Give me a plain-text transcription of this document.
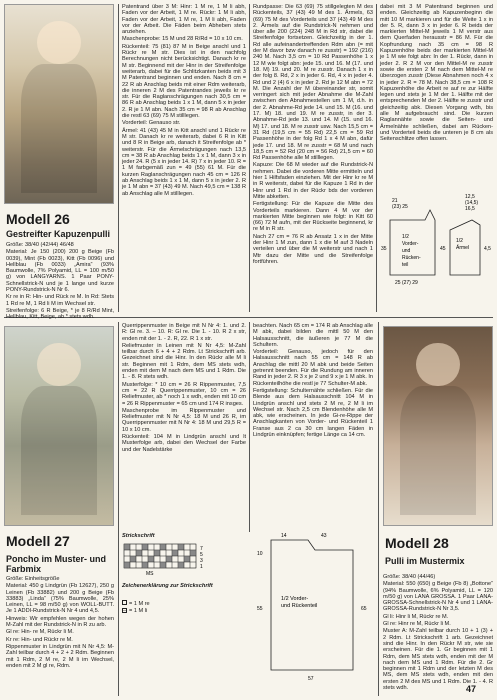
Modell 26
Gestreifter Kapuzenpulli
Modell 27
Poncho im Muster- und Farbmix
Modell 28
Pulli im Mustermix

Größe: 38/40 (42/44) 46/48

Material: Je 150 (200) 200 g Beige (Fb 0039), Mint (Fb 0023), Kitt (Fb 0096) und Hellblau (Fb 0033) „Amira“ (93% Baumwolle, 7% Polyamid, LL = 100 m/50 g) von LANGYARNS. 1 Paar PONY-Schnellstrick-N und je 1 lange und kurze PONY-Rundstrick-N Nr 6.

Kr re in R: Hin- und Rück re M. In Rd: Stets 1 Rd re M, 1 Rd li M im Wechsel str.

Streifenfolge: 6 R Beige, * je 8 R/Rd Mint, Hellblau, Kitt, Beige, ab * stets wdh.

Patentrand über 3 M: Hinr: 1 M re, 1 M li abh, Faden vor der Arbeit, 1 M re. Rückr: 1 M li abh, Faden vor der Arbeit, 1 M re, 1 M li abh, Faden vor der Arbeit. Die Fäden beim Abheben stets anziehen.

Maschenprobe: 15 M und 28 R/Rd = 10 x 10 cm.

Rückenteil: 75 (81) 87 M in Beige anschl und 1 Rückr re M str. Dies ist in den nachfolg Berechnungen nicht berücksichtigt. Danach kr re M str. Beginnend mit der Hinr in der Streifenfolge weiterarb, dabei für die Schlitzkanten beids mit 3 M Patentrand beginnen und enden. Nach 8 cm = 22 R ab Anschlag beids mit einer Rdm weiterarb, die inneren 2 M des Patentrandes jeweils kr re str. Für die Raglanschrägungen nach 30,5 cm = 86 R ab Anschlag beids 1 x 1 M, dann 5 x in jeder 2. R je 1 M abn. Nach 35 cm = 98 R ab Anschlag die restl 63 (69) 75 M stilllegen.

Vorderteil: Genauso str.

Ärmel: 41 (43) 45 M in Kitt anschl und 1 Rückr re M str. Danach kr re weiterarb, dabei 6 R in Kitt und 8 R in Beige arb, danach it Streifenfolge ab * weiterstr. Für die Ärmelschrägungen nach 13,5 cm = 38 R ab Anschlag beids 1 x 1 M, dann 3 x in jeder 24. R (5 x in jeder 14. R) 7 x in jeder 10. R = 1 M farbgemäß zun = 49 (55) 61 M. Für die kurzen Raglanschrägungen nach 45 cm = 126 R ab Anschlag beids 1 x 1 M, dann 5 x in jeder 2. R je 1 M abn = 37 (43) 49 M. Nach 49,5 cm = 138 R ab Anschlag alle M stilllegen.

Rundpasse: Die 63 (69) 75 stillgelegten M des Rückenteils, 37 (43) 49 M des 1. Ärmels, 63 (69) 75 M des Vorderteils und 37 (43) 49 M des 2. Ärmels auf die Rundstrick-N nehmen und über alle 200 (224) 248 M in Rd str, dabei die Streifenfolge fortsetzen. Gleichzeitig in der 1. Rd alle aufeinandertreffenden Rdm abn (= mit der M davor bzw danach re zusstr) = 192 (216) 240 M. Nach 3,5 cm = 10 Rd Passenhöhe 1 x 12 M wie folgt abn: jede 15. und 16. M (17. und 18. M) 19. und 20. M re zusstr. Danach 1 x in der folg 8. Rd, 2 x in jeder 6. Rd, 4 x in jeder 4. Rd und 2 (4) 6 x in jeder 2. Rd je 12 M abn = 72 M. Die Anzahl der M übereinander str, somit verringert sich mit jeder Abnahme die M-Zahl zwischen den Abnahmestellen um 1 M, d.h. in der 2. Abnahme-Rd jede 14. und 15. M (16. und 17. M) 18. und 19. M re zusstr, in der 3. Abnahme-Rd jede 13. und 14. M (15. und 16. M) 17. und 18. M re zusstr usw. Nach 15,5 cm = 31 Rd (19,5 cm = 55 Rd) 22,5 cm = 59 Rd Passenhöhe in der folg Rd 1 x 4 M abn, dafür jede 17. und 18. M re zusstr = 68 M und nach 18,5 cm = 52 Rd (20 cm = 56 Rd) 21,5 cm = 60 Rd Passenhöhe alle M stilllegen.

Kapuze: Die 68 M wieder auf die Rundstrick-N nehmen. Dabei die vorderen Mitte ermitteln und hier 1 Hilfsfaden einziehen. Mit der Hinr kr re M in R weiterstr, dabei für die Kapuze 1 Rd in der Hinr und 1 Rd in der Rückr bds der vorderen Mitte abketten.

Fertigstellung: Für die Kapuze die Mitte des Vorderteils markieren. Dann 4 M vor der markierten Mitte beginnen wie folgt: in Kitt 60 (66) 72 M aufn, mit der Rückseite beginnend, kr re M in R str.

Nach 27 cm = 76 R ab Ansatz 1 x in der Mitte der Hinr 1 M zun, dann 1 x die M auf 3 Nadeln verteilen und über die M weiterstr und nach 1 Mtr dazu der Mitte und die Streifenfolge fortführen.

dabei mit 3 M Patentrand beginnen und enden. Gleichzeitig ab Kapuzenbeginn die mitt 10 M markieren und für die Weite 1 x in der 5. R, dann 3 x in jeder 6. R beids der markierten Mittel-M jeweils 1 M verstr aus dem Querfaden herausstr = 86 M. Für die Kopfrundung nach 35 cm = 98 R Kapuzenhöhe beids der markierten Mittel-M je 1 M wie folgt abn: In der 1. Rückr, dann in jeder 2. R 2 M vor den Mittel-M re zusstr sowie die ersten 2 M nach dem Mittel-M re überzogen zusstr (Diese Abnahmen noch 4 x in jeder 2. R = 78 M. Nach 38,5 cm = 108 R Kapuzenhöhe die Arbeit re auf re zur Hälfte legen und stets je 1 M der 1. Hälfte mit der entsprechenden M der 2. Hälfte re zusstr und gleichzeitig abk. Diesen Vorgang wdh, bis alle M aufgebraucht sind. Die kurzen Raglannähte sowie die Seiten- und Ärmelnähte schließen, dabei am Rücken- und Vorderteil beids die unteren je 8 cm als Seitenschlitze offen lassen.

1/2
Vorder-
und
Rücken-
teil
1/2
Ärmel
21
(23) 25
12,5
(14,5)
16,5
25 (27) 29
35	45	4,5

Größe: Einheitsgröße

Material: 450 g Lindgrün (Fb 12627), 250 g Leinen (Fb 33882) und 200 g Beige (Fb 33883) „Linda“ (75% Baumwolle, 25% Leinen, LL = 98 m/50 g) von WOLL-BUTT. Je 1 ADDI-Rundstrick-N Nr 4 und 4,5.

Hinweis: Wir empfehlen wegen der hohen M-Zahl mit der Rundstrick-N in R zu arb.

Gl re: Hin- re M, Rückr li M.

Kr re: Hin- und Rückr re M.

Rippenmuster in Lindgrün mit N Nr 4,5: M-Zahl teilbar durch 4 + 2 + 2 Rdm. Beginnen mit 1 Rdm, 2 M re, 2 M li im Wechsel, enden mit 2 M gl re, Rdm.

Querrippenmuster in Beige mit N Nr 4: 1. und 2. R: Gl re. 3. – 10. R: Gl re. Die 1. - 10. R 2 x str, enden mit der 1. - 2. R, 22. R 1 x str.

Reliefmuster in Leinen mit N Nr 4,5: M-Zahl teilbar durch 6 + 4 + 2 Rdm. Lt Strickschrift arb. Gezeichnet sind die Hinr. In den Rückr alle M li str. Beginnen mit 1 Rdm, dem MS stets wdh, enden mit dem M nach dem MS und 1 Rdm. Die 1. - 8. R stets wdh.

Musterfolge: * 10 cm = 26 R Rippenmuster, 7,5 cm = 22 R Querrippenmuster, 10 cm = 26 Reliefmuster, ab * noch 1 x wdh, enden mit 10 cm = 26 R Rippenmuster = 65 cm und 174 R insges.

Maschenprobe im Rippenmuster und Reliefmuster mit N Nr 4,5: 18 M und 26 R, im Querrippenmuster mit N Nr 4: 18 M und 29,5 R = 10 x 10 cm.

Rückenteil: 104 M in Lindgrün anschl und lt Musterfolge arb, dabei den Wechsel der Farbe und der Nadelstärke

beachten. Nach 65 cm = 174 R ab Anschlag alle M abk, dabei bilden die mittl 50 M den Halsausschnitt, die äußeren je 77 M die Schultern.

Vorderteil: Genauso, jedoch für den Halsausschnitt nach 55 cm = 148 R ab Anschlag die mittl 20 M abk und beide Seiten getrennt beenden. Für die Rundung am inneren Rand in jeder 2. R 3 x je 2 und 9 x je 1 M abk. In Rückenteilhöhe die restl je 77 Schulter-M abk.

Fertigstellung: Schulternähte schließen. Für die Blende aus dem Halsausschnitt 104 M in Lindgrün anschl und stets 2 M re, 2 M li im Wechsel str. Nach 2,5 cm Blendenhöhe alle M abk, wie erscheinen. In jede Gi-re-Rippe der Anschlagkanten von Vorder- und Rückenteil 1 Franse aus 2 ca 30 cm langen Fäden in Lindgrün einknüpfen; fertige Länge ca 14 cm.

Größe: 38/40 (44/46)

Material: 550 (650) g Beige (Fb 8) „Bottone“ (94% Baumwolle, 6% Polyamid, LL = 120 m/50 g) von LANA GROSSA. 1 Paar LANA-GROSSA-Schnellstrick-N Nr 4 und 1 LANA-GROSSA-Rundstrick-N Nr 3,5.

Gl li: Hinr li M, Rückr re M.

Gl re: Hinr re M, Rückr li M.

Muster A: M-Zahl teilbar durch 10 + 1 (3) + 2 Rdm. Lt Strickschrift 1 arb. Gezeichnet sind die Hinr. In den Rückr M str, wie sie erscheinen. Für die 1. Gr beginnen mit 1 Rdm, dem MS stets wdh, enden mit der M nach dem MS und 1 Rdm. Für die 2. Gr beginnen mit 1 Rdm und der letzten M des MS, dem MS stets wdh, enden mit den ersten 2 M des MS und 1 Rdm. Die 1. - 4. R stets wdh.

Strickschrift
7
5
3
1
MS
Zeichenerklärung zur Strickschrift
= 1 M re
– = 1 M li
1/2 Vorder-
und Rückenteil
14	43
10
55	65
57
47
